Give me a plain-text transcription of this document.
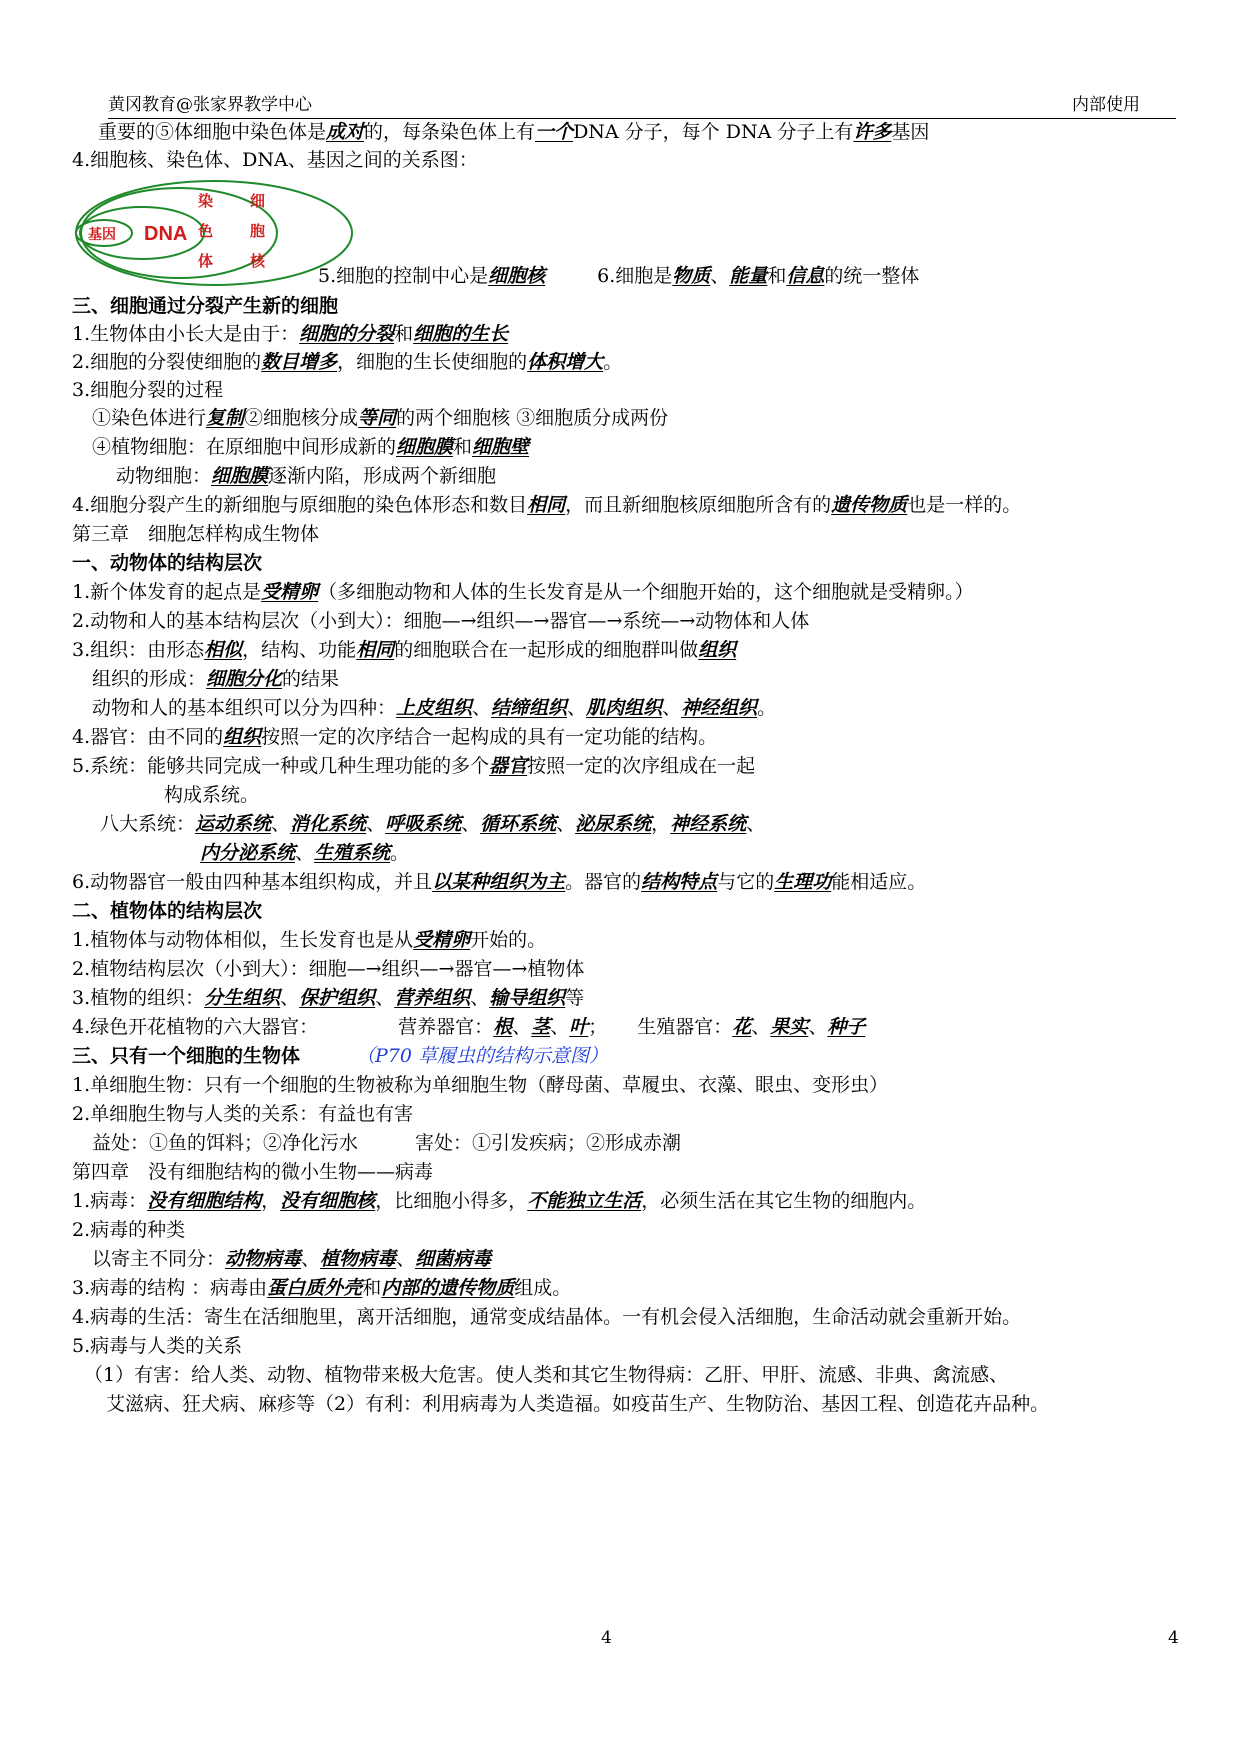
黄冈教育@张家界教学中心	内部使用
基因 DNA
染
色
体
细
胞
核
重要的⑤体细胞中染色体是成对的，每条染色体上有一个DNA 分子，每个 DNA 分子上有许多基因
4.细胞核、染色体、DNA、基因之间的关系图：
5.细胞的控制中心是细胞核	6.细胞是物质、能量和信息的统一整体
三、细胞通过分裂产生新的细胞
1.生物体由小长大是由于：细胞的分裂和细胞的生长
2.细胞的分裂使细胞的数目增多，细胞的生长使细胞的体积增大。
3.细胞分裂的过程
①染色体进行复制②细胞核分成等同的两个细胞核 ③细胞质分成两份
④植物细胞：在原细胞中间形成新的细胞膜和细胞壁
动物细胞：细胞膜逐渐内陷，形成两个新细胞
4.细胞分裂产生的新细胞与原细胞的染色体形态和数目相同，而且新细胞核原细胞所含有的遗传物质也是一样的。
第三章　细胞怎样构成生物体
一、动物体的结构层次
1.新个体发育的起点是受精卵（多细胞动物和人体的生长发育是从一个细胞开始的，这个细胞就是受精卵。）
2.动物和人的基本结构层次（小到大）：细胞—→组织—→器官—→系统—→动物体和人体
3.组织：由形态相似，结构、功能相同的细胞联合在一起形成的细胞群叫做组织
组织的形成：细胞分化的结果
动物和人的基本组织可以分为四种：上皮组织、结缔组织、肌肉组织、神经组织。
4.器官：由不同的组织按照一定的次序结合一起构成的具有一定功能的结构。
5.系统：能够共同完成一种或几种生理功能的多个器官按照一定的次序组成在一起
构成系统。
八大系统：运动系统、消化系统、呼吸系统、循环系统、泌尿系统，神经系统、
内分泌系统、生殖系统。
6.动物器官一般由四种基本组织构成，并且以某种组织为主。器官的结构特点与它的生理功能相适应。
二、植物体的结构层次
1.植物体与动物体相似，生长发育也是从受精卵开始的。
2.植物结构层次（小到大）：细胞—→组织—→器官—→植物体
3.植物的组织：分生组织、保护组织、营养组织、输导组织等
4.绿色开花植物的六大器官：	营养器官：根、茎、叶； 生殖器官：花、果实、种子
三、只有一个细胞的生物体	（P70 草履虫的结构示意图）
1.单细胞生物：只有一个细胞的生物被称为单细胞生物（酵母菌、草履虫、衣藻、眼虫、变形虫）
2.单细胞生物与人类的关系：有益也有害
益处：①鱼的饵料；②净化污水　　　害处：①引发疾病；②形成赤潮
第四章　没有细胞结构的微小生物——病毒
1.病毒：没有细胞结构，没有细胞核，比细胞小得多，不能独立生活，必须生活在其它生物的细胞内。
2.病毒的种类
以寄主不同分：动物病毒、植物病毒、细菌病毒
3.病毒的结构 ：病毒由蛋白质外壳和内部的遗传物质组成。
4.病毒的生活：寄生在活细胞里，离开活细胞，通常变成结晶体。一有机会侵入活细胞，生命活动就会重新开始。
5.病毒与人类的关系
（1）有害：给人类、动物、植物带来极大危害。使人类和其它生物得病：乙肝、甲肝、流感、非典、禽流感、
艾滋病、狂犬病、麻疹等（2）有利：利用病毒为人类造福。如疫苗生产、生物防治、基因工程、创造花卉品种。
4	4
